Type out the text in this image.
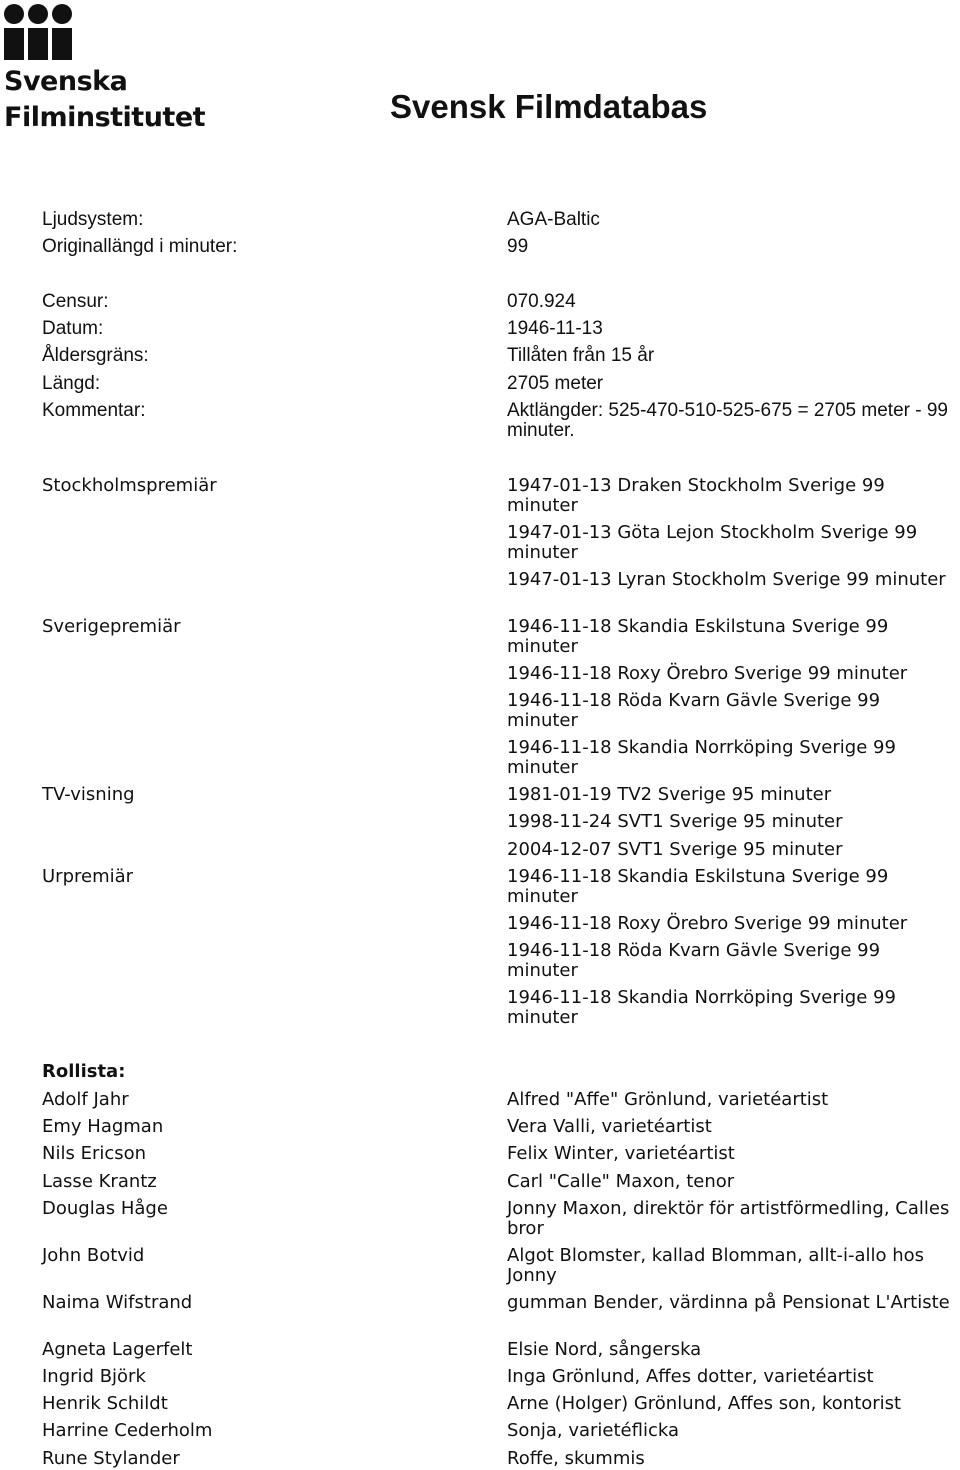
Svenska
Filminstitutet	Svensk Filmdatabas
Ljudsystem:	AGA-Baltic
Originallängd i minuter:	99
Censur:	070.924
Datum:	1946-11-13
Åldersgräns:	Tillåten från 15 år
Längd:	2705 meter
Kommentar:	Aktlängder: 525-470-510-525-675 = 2705 meter - 99 minuter.
Stockholmspremiär	1947-01-13 Draken Stockholm Sverige 99 minuter
1947-01-13 Göta Lejon Stockholm Sverige 99 minuter
1947-01-13 Lyran Stockholm Sverige 99 minuter
Sverigepremiär	1946-11-18 Skandia Eskilstuna Sverige 99 minuter
1946-11-18 Roxy Örebro Sverige 99 minuter
1946-11-18 Röda Kvarn Gävle Sverige 99 minuter
1946-11-18 Skandia Norrköping Sverige 99 minuter
TV-visning	1981-01-19 TV2 Sverige 95 minuter
1998-11-24 SVT1 Sverige 95 minuter
2004-12-07 SVT1 Sverige 95 minuter
Urpremiär	1946-11-18 Skandia Eskilstuna Sverige 99 minuter
1946-11-18 Roxy Örebro Sverige 99 minuter
1946-11-18 Röda Kvarn Gävle Sverige 99 minuter
1946-11-18 Skandia Norrköping Sverige 99 minuter
Rollista:
Adolf Jahr	Alfred "Affe" Grönlund, varietéartist
Emy Hagman	Vera Valli, varietéartist
Nils Ericson	Felix Winter, varietéartist
Lasse Krantz	Carl "Calle" Maxon, tenor
Douglas Håge	Jonny Maxon, direktör för artistförmedling, Calles bror
John Botvid	Algot Blomster, kallad Blomman, allt-i-allo hos Jonny
Naima Wifstrand	gumman Bender, värdinna på Pensionat L'Artiste
Agneta Lagerfelt	Elsie Nord, sångerska
Ingrid Björk	Inga Grönlund, Affes dotter, varietéartist
Henrik Schildt	Arne (Holger) Grönlund, Affes son, kontorist
Harrine Cederholm	Sonja, varietéflicka
Rune Stylander	Roffe, skummis
